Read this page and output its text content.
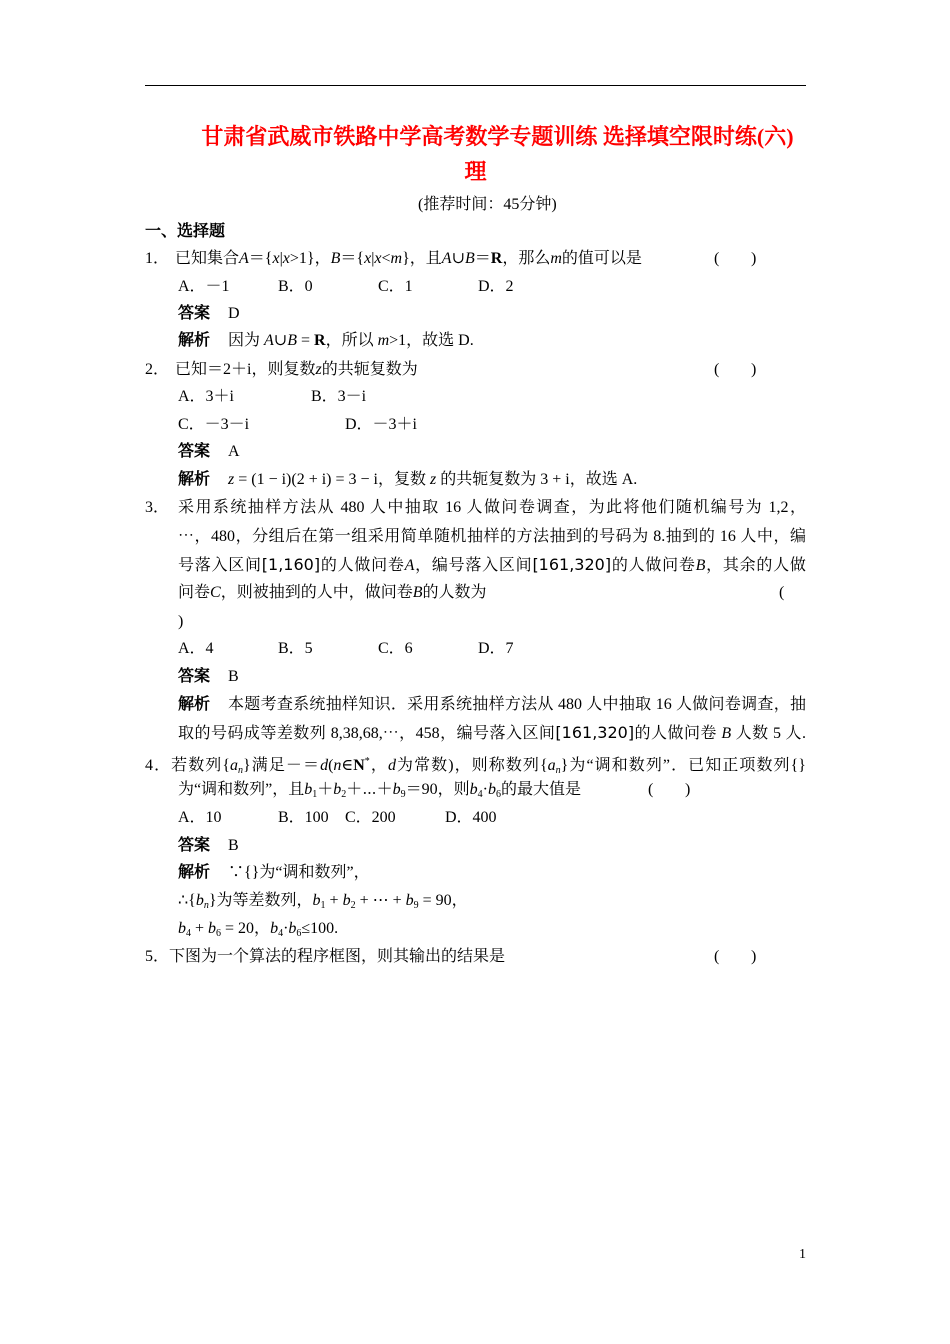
甘肃省武威市铁路中学高考数学专题训练 选择填空限时练(六)
理
(推荐时间：45分钟)
一、选择题
1． 已知集合A＝{x|x>1}，B＝{x|x<m}，且A∪B＝R，那么m的值可以是	( )
A．－1	B．0	C．1	D．2
答案 D
解析 因为 A∪B = R，所以 m>1，故选 D.
2． 已知＝2＋i，则复数z的共轭复数为	( )
A．3＋i	B．3－i
C．－3－i	D．－3＋i
答案 A
解析 z = (1 − i)(2 + i) = 3 − i，复数 z 的共轭复数为 3 + i，故选 A.
3． 采用系统抽样方法从 480 人中抽取 16 人做问卷调查，为此将他们随机编号为 1,2，
⋯，480，分组后在第一组采用简单随机抽样的方法抽到的号码为 8.抽到的 16 人中，编
号落入区间[1,160]的人做问卷A，编号落入区间[161,320]的人做问卷B，其余的人做
问卷C，则被抽到的人中，做问卷B的人数为	(
)
A．4	B．5	C．6	D．7
答案 B
解析 本题考查系统抽样知识．采用系统抽样方法从 480 人中抽取 16 人做问卷调查，抽
取的号码成等差数列 8,38,68,⋯，458，编号落入区间[161,320]的人做问卷 B 人数 5 人.
4．若数列$\{a_n\}$满足－＝d(n∈N*，d为常数)，则称数列$\{a_n\}$为“调和数列”．已知正项数列{}
为“调和数列”，且$b_1+b_2+\cdots+b_9=90$，则$b_4\cdot b_6$的最大值是	( )
A．10	B．100 C．200	D．400
答案 B
解析 ∵{}为“调和数列”，
$\therefore\{b_n\}$为等差数列，$b_1 + b_2$ + ⋯ + $b_9 = 90$，
$b_4 + b_6 = 20$，$b_4\cdot b_6\le 100$.
5．下图为一个算法的程序框图，则其输出的结果是	( )
1
